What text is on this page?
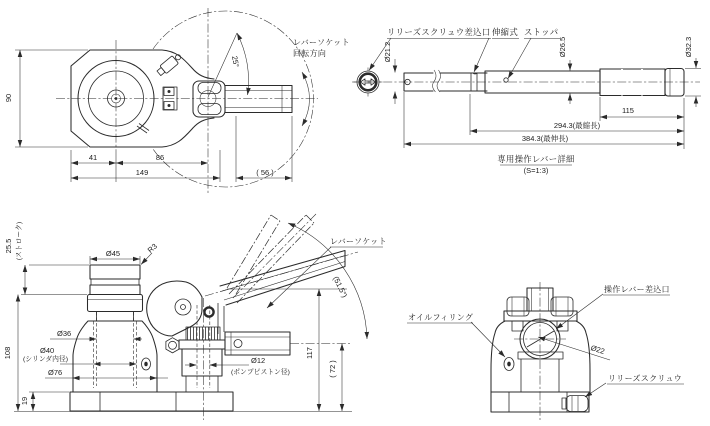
90
41	86
149	( 56 )
25°
レバーソケット
回転方向
リリーズスクリュウ差込口 伸縮式 ストッパ
Ø21.2	Ø26.5	Ø32.3
115
294.3(最縮長)
384.3(最伸長)
専用操作レバー詳細
(S=1:3)
25.5 (ストローク)	Ø45	R3
Ø36
Ø40
(シリンダ内径)
Ø76
108
19
Ø12
(ポンプピストン径)
117
( 72 )
(51.5°)
レバーソケット
操作レバー差込口
オイルフィリング
Ø22
リリーズスクリュウ
